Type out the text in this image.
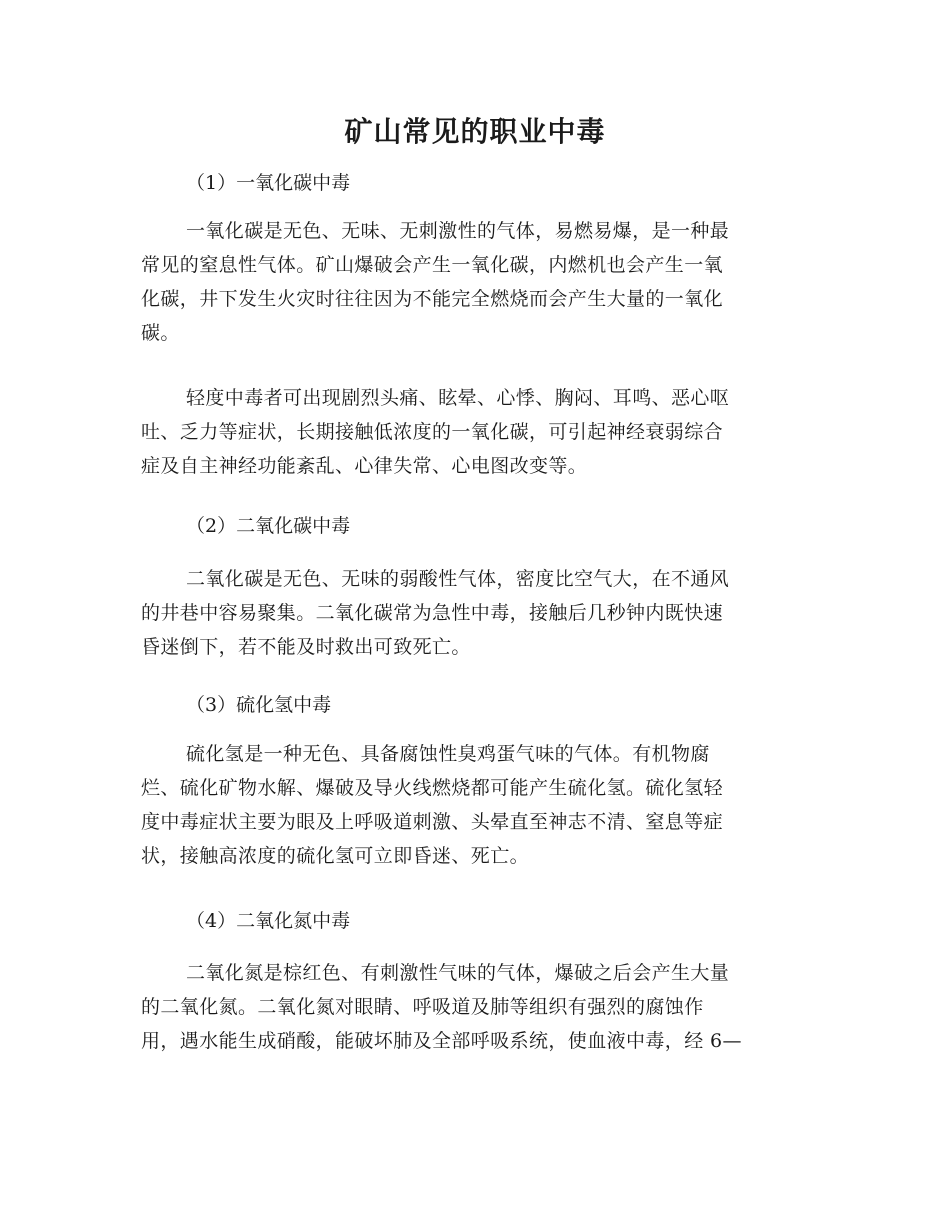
矿山常见的职业中毒
（1）一氧化碳中毒
一氧化碳是无色、无味、无刺激性的气体，易燃易爆，是一种最
常见的窒息性气体。矿山爆破会产生一氧化碳，内燃机也会产生一氧
化碳，井下发生火灾时往往因为不能完全燃烧而会产生大量的一氧化
碳。
轻度中毒者可出现剧烈头痛、眩晕、心悸、胸闷、耳鸣、恶心呕
吐、乏力等症状，长期接触低浓度的一氧化碳，可引起神经衰弱综合
症及自主神经功能紊乱、心律失常、心电图改变等。
（2）二氧化碳中毒
二氧化碳是无色、无味的弱酸性气体，密度比空气大，在不通风
的井巷中容易聚集。二氧化碳常为急性中毒，接触后几秒钟内既快速
昏迷倒下，若不能及时救出可致死亡。
（3）硫化氢中毒
硫化氢是一种无色、具备腐蚀性臭鸡蛋气味的气体。有机物腐
烂、硫化矿物水解、爆破及导火线燃烧都可能产生硫化氢。硫化氢轻
度中毒症状主要为眼及上呼吸道刺激、头晕直至神志不清、窒息等症
状，接触高浓度的硫化氢可立即昏迷、死亡。
（4）二氧化氮中毒
二氧化氮是棕红色、有刺激性气味的气体，爆破之后会产生大量
的二氧化氮。二氧化氮对眼睛、呼吸道及肺等组织有强烈的腐蚀作
用，遇水能生成硝酸，能破坏肺及全部呼吸系统，使血液中毒，经 6—
